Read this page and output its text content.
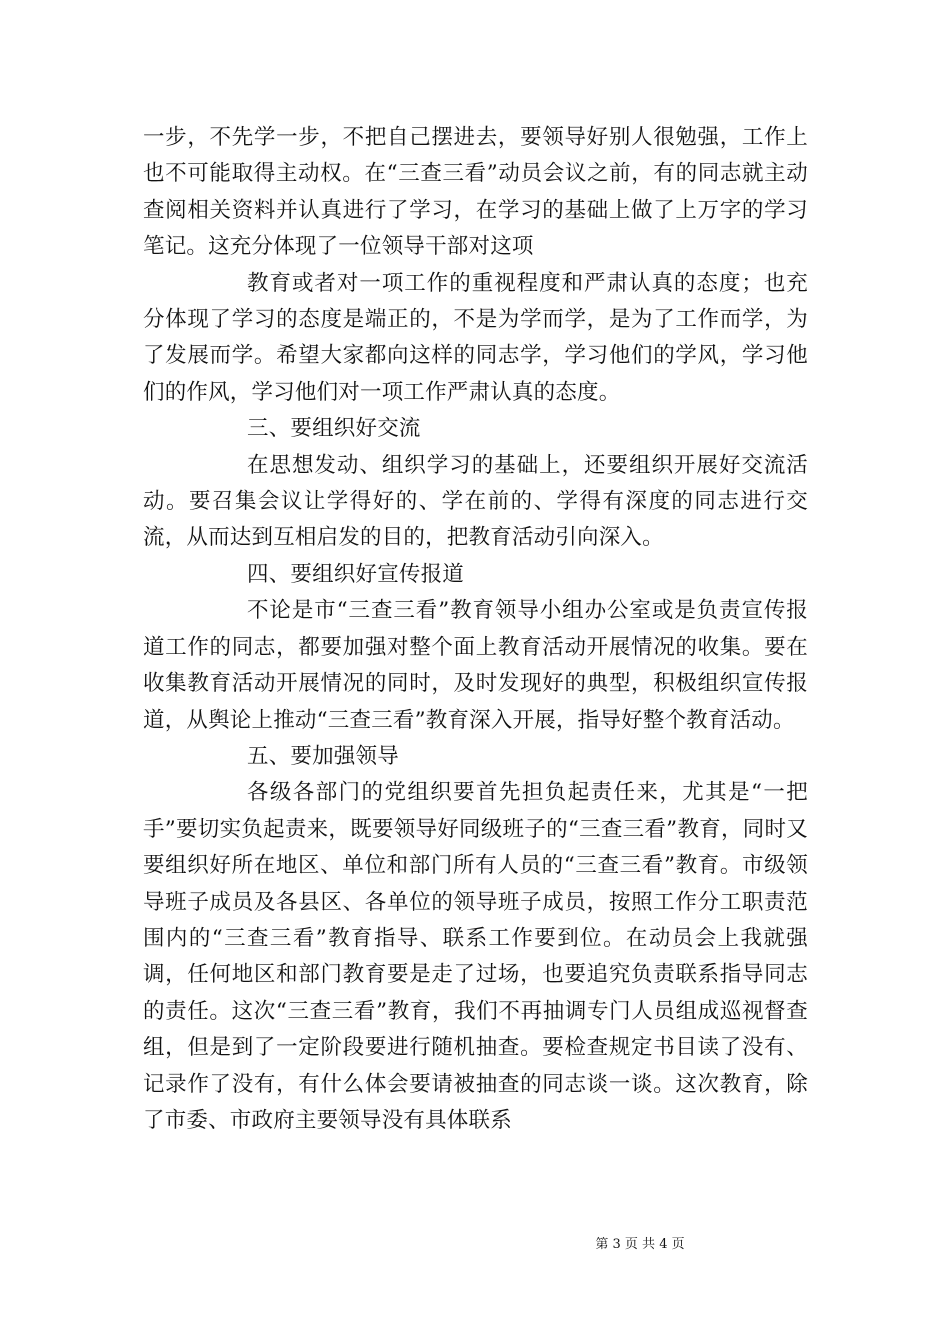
一步，不先学一步，不把自己摆进去，要领导好别人很勉强，工作上也不可能取得主动权。在“三查三看”动员会议之前，有的同志就主动查阅相关资料并认真进行了学习，在学习的基础上做了上万字的学习笔记。这充分体现了一位领导干部对这项

教育或者对一项工作的重视程度和严肃认真的态度；也充分体现了学习的态度是端正的，不是为学而学，是为了工作而学，为了发展而学。希望大家都向这样的同志学，学习他们的学风，学习他们的作风，学习他们对一项工作严肃认真的态度。

三、要组织好交流

在思想发动、组织学习的基础上，还要组织开展好交流活动。要召集会议让学得好的、学在前的、学得有深度的同志进行交流，从而达到互相启发的目的，把教育活动引向深入。

四、要组织好宣传报道

不论是市“三查三看”教育领导小组办公室或是负责宣传报道工作的同志，都要加强对整个面上教育活动开展情况的收集。要在收集教育活动开展情况的同时，及时发现好的典型，积极组织宣传报道，从舆论上推动“三查三看”教育深入开展，指导好整个教育活动。

五、要加强领导

各级各部门的党组织要首先担负起责任来，尤其是“一把手”要切实负起责来，既要领导好同级班子的“三查三看”教育，同时又要组织好所在地区、单位和部门所有人员的“三查三看”教育。市级领导班子成员及各县区、各单位的领导班子成员，按照工作分工职责范围内的“三查三看”教育指导、联系工作要到位。在动员会上我就强调，任何地区和部门教育要是走了过场，也要追究负责联系指导同志的责任。这次“三查三看”教育，我们不再抽调专门人员组成巡视督查组，但是到了一定阶段要进行随机抽查。要检查规定书目读了没有、记录作了没有，有什么体会要请被抽查的同志谈一谈。这次教育，除了市委、市政府主要领导没有具体联系

第 3 页 共 4 页
